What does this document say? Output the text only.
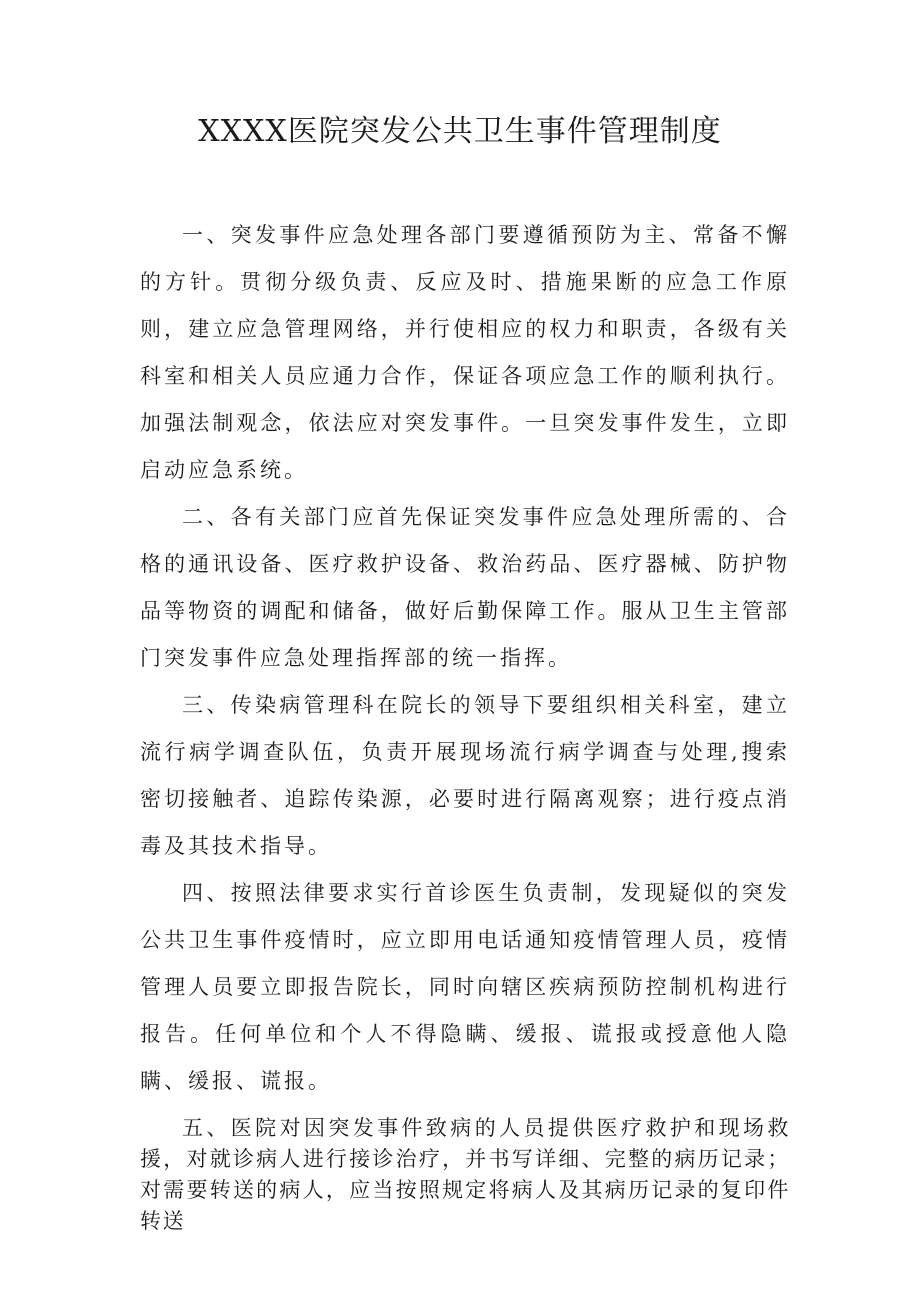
XXXX医院突发公共卫生事件管理制度

一、突发事件应急处理各部门要遵循预防为主、常备不懈的方针。贯彻分级负责、反应及时、措施果断的应急工作原则，建立应急管理网络，并行使相应的权力和职责，各级有关科室和相关人员应通力合作，保证各项应急工作的顺利执行。加强法制观念，依法应对突发事件。一旦突发事件发生，立即启动应急系统。

二、各有关部门应首先保证突发事件应急处理所需的、合格的通讯设备、医疗救护设备、救治药品、医疗器械、防护物品等物资的调配和储备，做好后勤保障工作。服从卫生主管部门突发事件应急处理指挥部的统一指挥。

三、传染病管理科在院长的领导下要组织相关科室，建立流行病学调查队伍，负责开展现场流行病学调查与处理,搜索密切接触者、追踪传染源，必要时进行隔离观察；进行疫点消毒及其技术指导。

四、按照法律要求实行首诊医生负责制，发现疑似的突发公共卫生事件疫情时，应立即用电话通知疫情管理人员，疫情管理人员要立即报告院长，同时向辖区疾病预防控制机构进行报告。任何单位和个人不得隐瞒、缓报、谎报或授意他人隐瞒、缓报、谎报。

五、医院对因突发事件致病的人员提供医疗救护和现场救援，对就诊病人进行接诊治疗，并书写详细、完整的病历记录；对需要转送的病人，应当按照规定将病人及其病历记录的复印件转送
